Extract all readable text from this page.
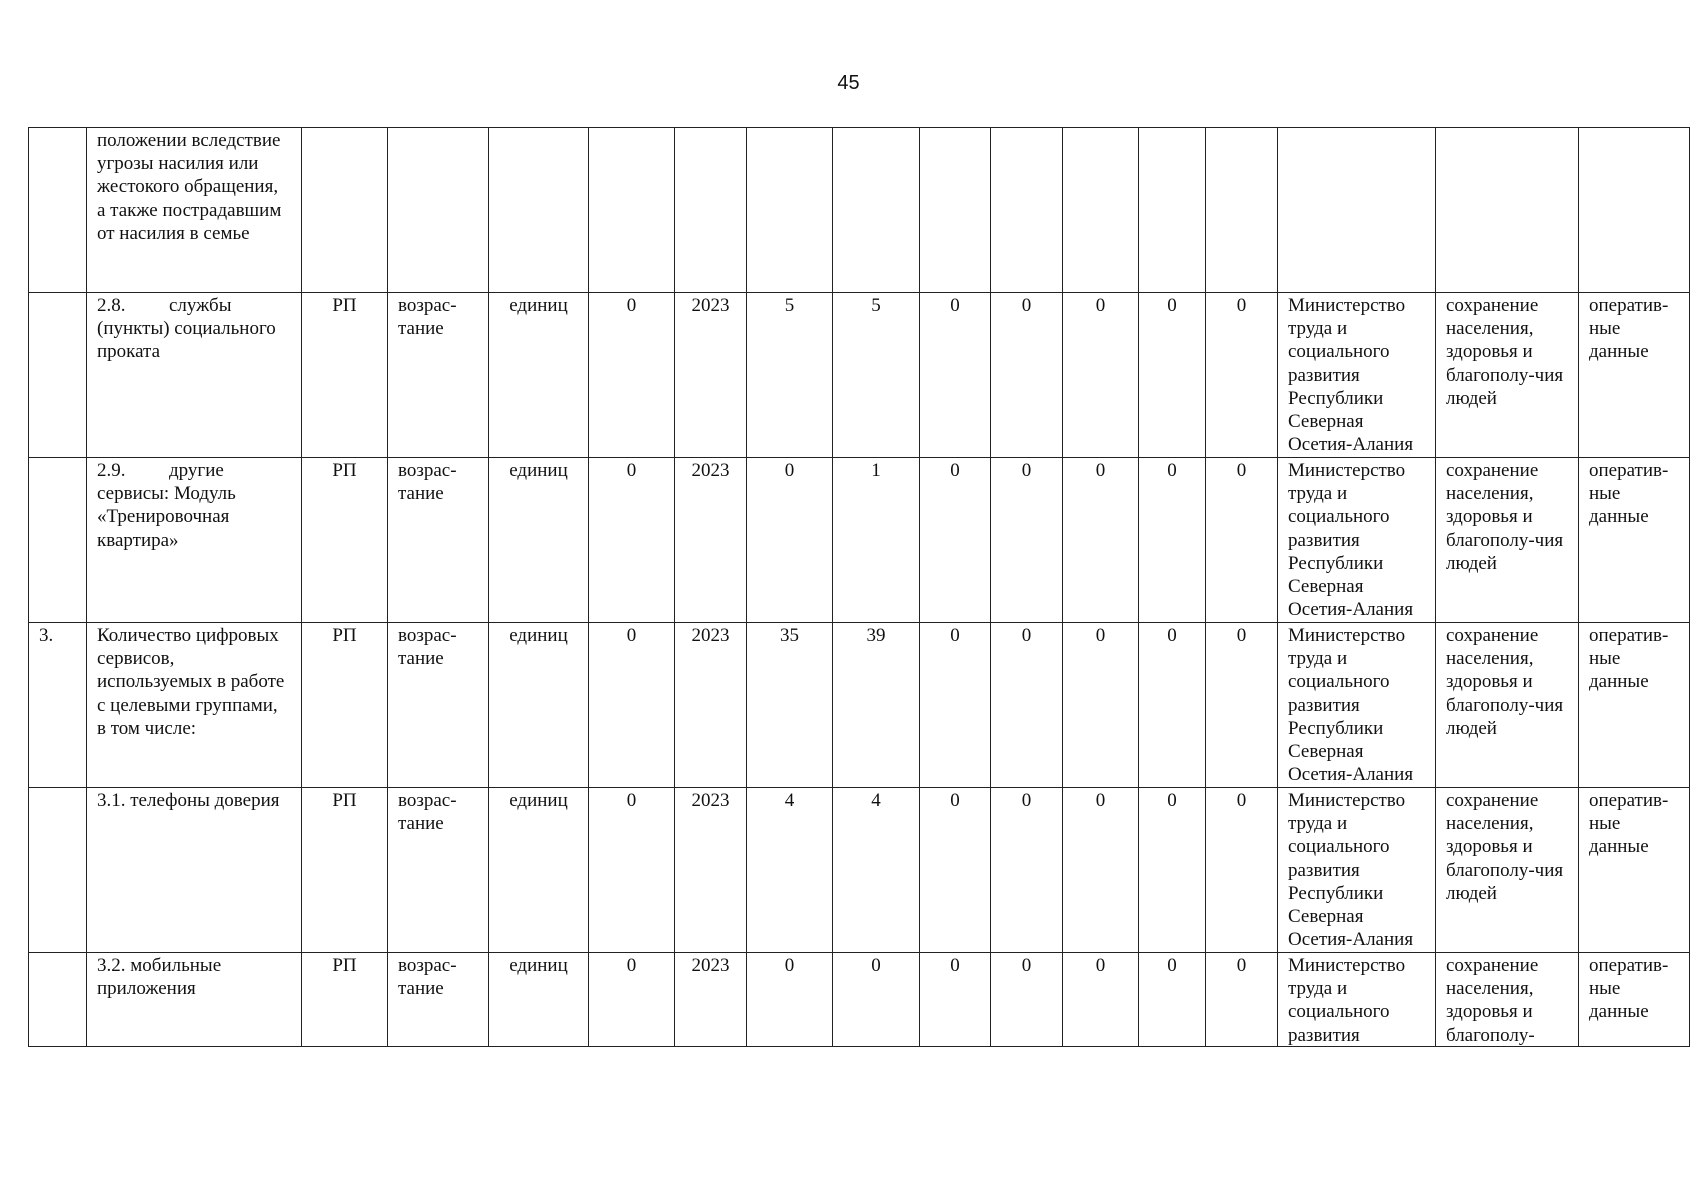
45
	положении вследствие угрозы насилия или жестокого обращения, а также пострадавшим от насилия в семье															
	2.8. службы (пункты) социального проката	РП	возрас-тание	единиц	0	2023	5	5	0	0	0	0	0	Министерство труда и социального развития Республики Северная Осетия-Алания	сохранение населения, здоровья и благополу-чия людей	оператив-ные данные
	2.9. другие сервисы: Модуль «Тренировочная квартира»	РП	возрас-тание	единиц	0	2023	0	1	0	0	0	0	0	Министерство труда и социального развития Республики Северная Осетия-Алания	сохранение населения, здоровья и благополу-чия людей	оператив-ные данные
3.	Количество цифровых сервисов, используемых в работе с целевыми группами, в том числе:	РП	возрас-тание	единиц	0	2023	35	39	0	0	0	0	0	Министерство труда и социального развития Республики Северная Осетия-Алания	сохранение населения, здоровья и благополу-чия людей	оператив-ные данные
	3.1. телефоны доверия	РП	возрас-тание	единиц	0	2023	4	4	0	0	0	0	0	Министерство труда и социального развития Республики Северная Осетия-Алания	сохранение населения, здоровья и благополу-чия людей	оператив-ные данные
	3.2. мобильные приложения	РП	возрас-тание	единиц	0	2023	0	0	0	0	0	0	0	Министерство труда и социального развития	сохранение населения, здоровья и благополу-	оператив-ные данные
